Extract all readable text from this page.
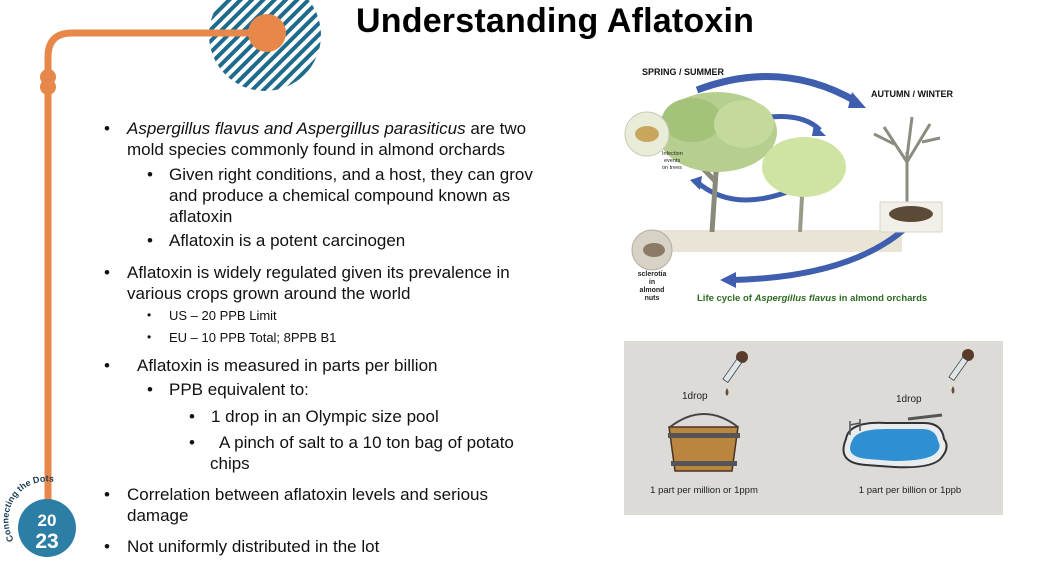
Connecting the Dots
20
23
Understanding Aflatoxin
• Aspergillus flavus and Aspergillus parasiticus are two
mold species commonly found in almond orchards
• Given right conditions, and a host, they can grov
and produce a chemical compound known as
aflatoxin
• Aflatoxin is a potent carcinogen
• Aflatoxin is widely regulated given its prevalence in
various crops grown around the world
• US – 20 PPB Limit
• EU – 10 PPB Total; 8PPB B1
• Aflatoxin is measured in parts per billion
• PPB equivalent to:
• 1 drop in an Olympic size pool
• A pinch of salt to a 10 ton bag of potato
chips
• Correlation between aflatoxin levels and serious
damage
• Not uniformly distributed in the lot
SPRING / SUMMER
AUTUMN / WINTER
Infection
events
on trees
sclerotia
in
almond
nuts	Life cycle of Aspergillus flavus in almond orchards
1drop
1 part per million or 1ppm
1drop
1 part per billion or 1ppb
